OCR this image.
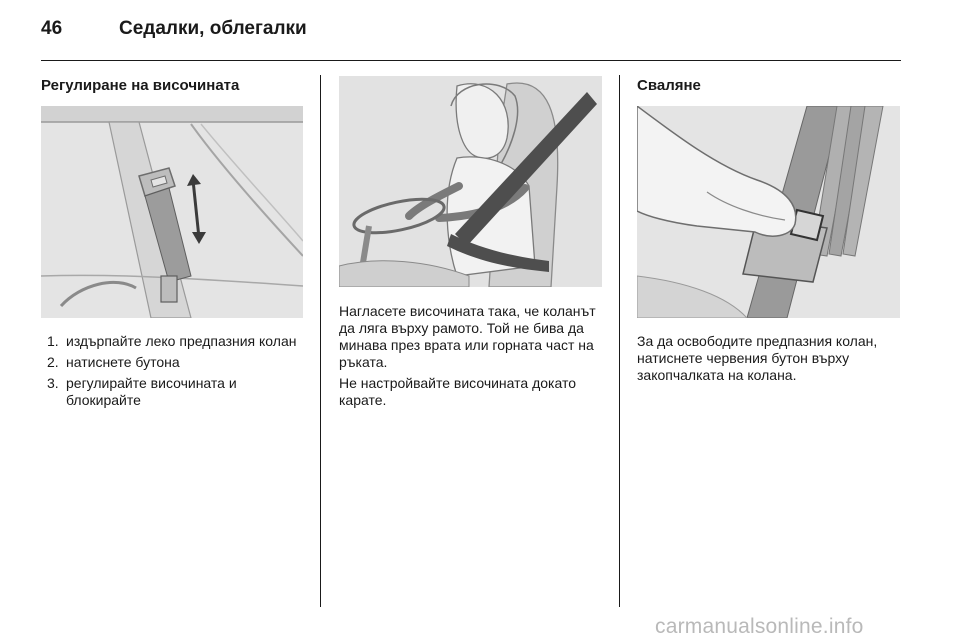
46	Седалки, облегалки
Регулиране на височината
1. издърпайте леко предпазния колан
2. натиснете бутона
3. регулирайте височината и блокирайте

Нагласете височината така, че коланът да ляга върху рамото. Той не бива да минава през врата или горната част на ръката.

Не настройвайте височината докато карате.

Сваляне

За да освободите предпазния колан, натиснете червения бутон върху закопчалката на колана.

carmanualsonline.info
